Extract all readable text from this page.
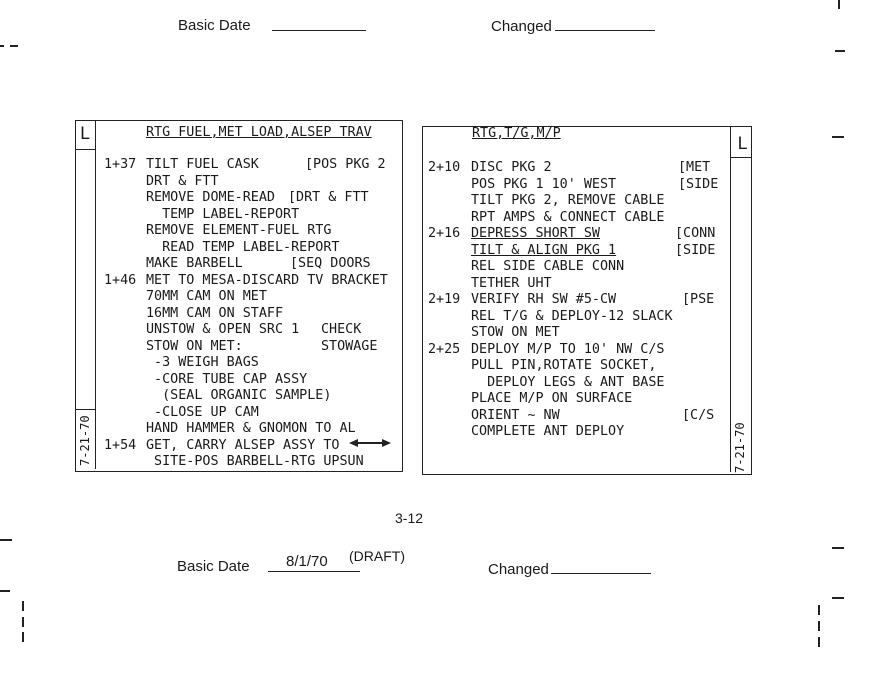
Basic Date	Changed
L
7-21-70
RTG FUEL,MET LOAD,ALSEP TRAV
1+37 TILT FUEL CASK	[POS PKG 2
DRT & FTT
REMOVE DOME-READ [DRT & FTT
TEMP LABEL-REPORT
REMOVE ELEMENT-FUEL RTG
READ TEMP LABEL-REPORT
MAKE BARBELL	[SEQ DOORS
1+46 MET TO MESA-DISCARD TV BRACKET
70MM CAM ON MET
16MM CAM ON STAFF
UNSTOW & OPEN SRC 1 CHECK
STOW ON MET:	STOWAGE
-3 WEIGH BAGS
-CORE TUBE CAP ASSY
(SEAL ORGANIC SAMPLE)
-CLOSE UP CAM
HAND HAMMER & GNOMON TO AL
1+54 GET, CARRY ALSEP ASSY TO
SITE-POS BARBELL-RTG UPSUN
L
7-21-70
RTG,T/G,M/P
2+10 DISC PKG 2	[MET
POS PKG 1 10' WEST	[SIDE
TILT PKG 2, REMOVE CABLE
RPT AMPS & CONNECT CABLE
2+16 DEPRESS SHORT SW	[CONN
TILT & ALIGN PKG 1	[SIDE
REL SIDE CABLE CONN
TETHER UHT
2+19 VERIFY RH SW #5-CW	[PSE
REL T/G & DEPLOY-12 SLACK
STOW ON MET
2+25 DEPLOY M/P TO 10' NW C/S
PULL PIN,ROTATE SOCKET,
DEPLOY LEGS & ANT BASE
PLACE M/P ON SURFACE
ORIENT ~ NW	[C/S
COMPLETE ANT DEPLOY
3-12
Basic Date 8/1/70 (DRAFT)
Changed
